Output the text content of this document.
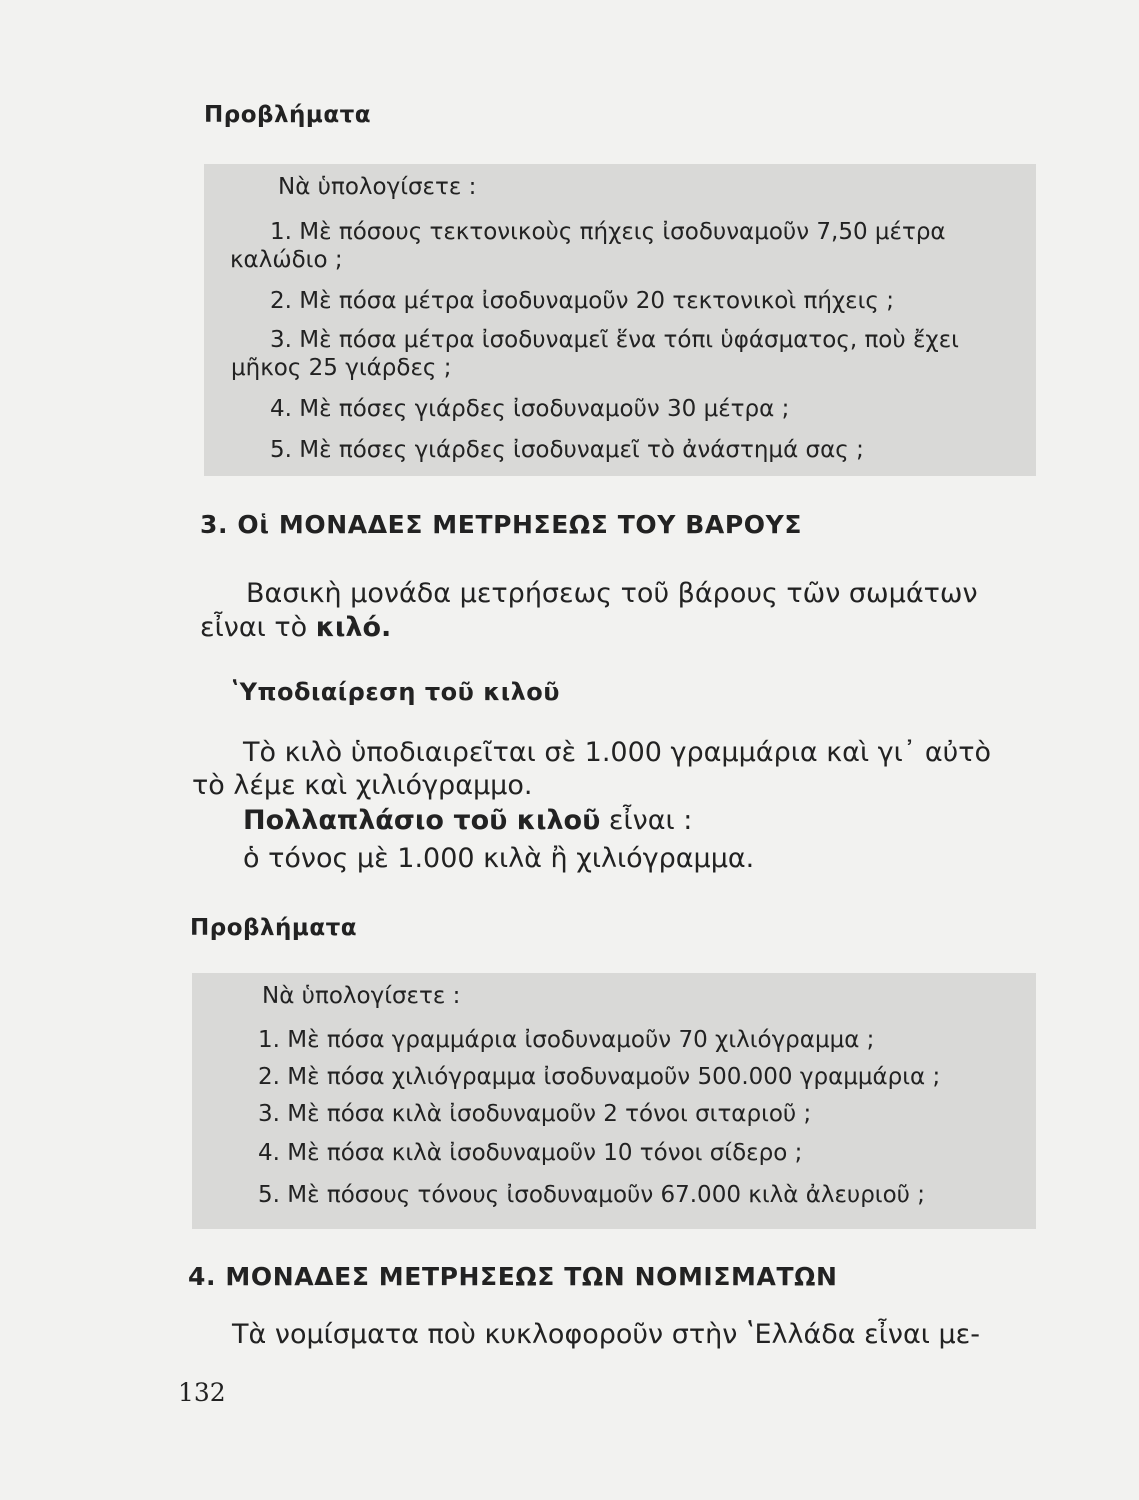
Προβλήματα
Νὰ ὑπολογίσετε :
1. Μὲ πόσους τεκτονικοὺς πήχεις ἰσοδυναμοῦν 7,50 μέτρα
καλώδιο ;
2. Μὲ πόσα μέτρα ἰσοδυναμοῦν 20 τεκτονικοὶ πήχεις ;
3. Μὲ πόσα μέτρα ἰσοδυναμεῖ ἕνα τόπι ὑφάσματος, ποὺ ἔχει
μῆκος 25 γιάρδες ;
4. Μὲ πόσες γιάρδες ἰσοδυναμοῦν 30 μέτρα ;
5. Μὲ πόσες γιάρδες ἰσοδυναμεῖ τὸ ἀνάστημά σας ;
3. Οἱ ΜΟΝΑΔΕΣ ΜΕΤΡΗΣΕΩΣ ΤΟΥ ΒΑΡΟΥΣ
Βασικὴ μονάδα μετρήσεως τοῦ βάρους τῶν σωμάτων
εἶναι τὸ κιλό.
ʽΥποδιαίρεση τοῦ κιλοῦ
Τὸ κιλὸ ὑποδιαιρεῖται σὲ 1.000 γραμμάρια καὶ γι᾿ αὐτὸ
τὸ λέμε καὶ χιλιόγραμμο.
Πολλαπλάσιο τοῦ κιλοῦ εἶναι :
ὁ τόνος μὲ 1.000 κιλὰ ἢ χιλιόγραμμα.
Προβλήματα
Νὰ ὑπολογίσετε :
1. Μὲ πόσα γραμμάρια ἰσοδυναμοῦν 70 χιλιόγραμμα ;
2. Μὲ πόσα χιλιόγραμμα ἰσοδυναμοῦν 500.000 γραμμάρια ;
3. Μὲ πόσα κιλὰ ἰσοδυναμοῦν 2 τόνοι σιταριοῦ ;
4. Μὲ πόσα κιλὰ ἰσοδυναμοῦν 10 τόνοι σίδερο ;
5. Μὲ πόσους τόνους ἰσοδυναμοῦν 67.000 κιλὰ ἀλευριοῦ ;
4. ΜΟΝΑΔΕΣ ΜΕΤΡΗΣΕΩΣ ΤΩΝ ΝΟΜΙΣΜΑΤΩΝ
Τὰ νομίσματα ποὺ κυκλοφοροῦν στὴν ʽΕλλάδα εἶναι με-
132
